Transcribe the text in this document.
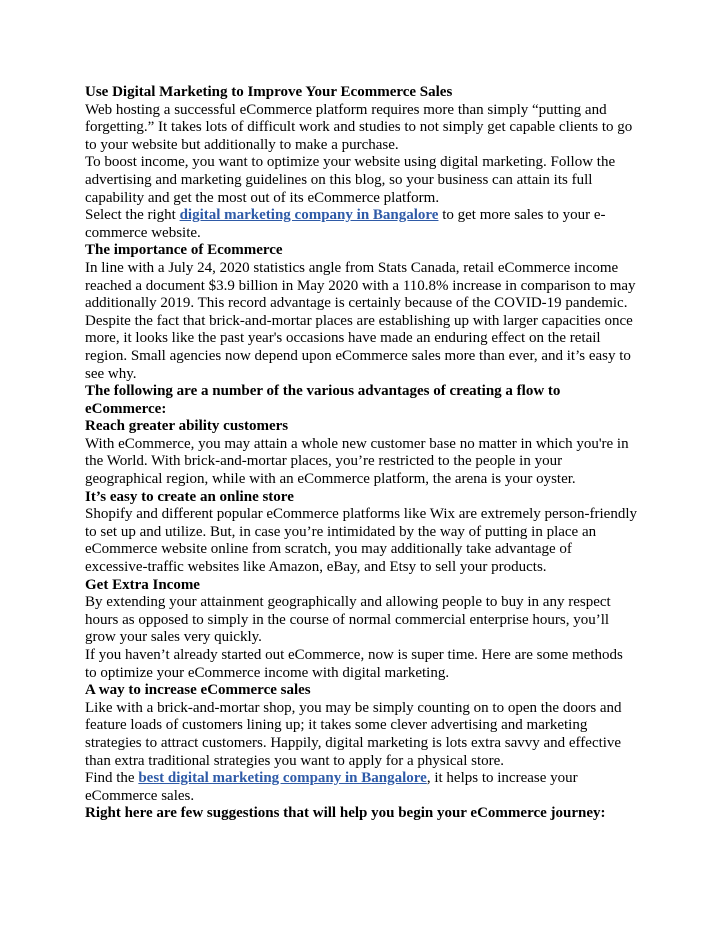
Use Digital Marketing to Improve Your Ecommerce Sales

Web hosting a successful eCommerce platform requires more than simply “putting and forgetting.” It takes lots of difficult work and studies to not simply get capable clients to go to your website but additionally to make a purchase.

To boost income, you want to optimize your website using digital marketing. Follow the advertising and marketing guidelines on this blog, so your business can attain its full capability and get the most out of its eCommerce platform.

Select the right digital marketing company in Bangalore to get more sales to your e-commerce website.

The importance of Ecommerce

In line with a July 24, 2020 statistics angle from Stats Canada, retail eCommerce income reached a document $3.9 billion in May 2020 with a 110.8% increase in comparison to may additionally 2019. This record advantage is certainly because of the COVID-19 pandemic.

Despite the fact that brick-and-mortar places are establishing up with larger capacities once more, it looks like the past year's occasions have made an enduring effect on the retail region. Small agencies now depend upon eCommerce sales more than ever, and it’s easy to see why.

The following are a number of the various advantages of creating a flow to eCommerce:

Reach greater ability customers

With eCommerce, you may attain a whole new customer base no matter in which you're in the World. With brick-and-mortar places, you’re restricted to the people in your geographical region, while with an eCommerce platform, the arena is your oyster.

It’s easy to create an online store

Shopify and different popular eCommerce platforms like Wix are extremely person-friendly to set up and utilize. But, in case you’re intimidated by the way of putting in place an eCommerce website online from scratch, you may additionally take advantage of excessive-traffic websites like Amazon, eBay, and Etsy to sell your products.

Get Extra Income

By extending your attainment geographically and allowing people to buy in any respect hours as opposed to simply in the course of normal commercial enterprise hours, you’ll grow your sales very quickly.

If you haven’t already started out eCommerce, now is super time. Here are some methods to optimize your eCommerce income with digital marketing.

A way to increase eCommerce sales

Like with a brick-and-mortar shop, you may be simply counting on to open the doors and feature loads of customers lining up; it takes some clever advertising and marketing strategies to attract customers. Happily, digital marketing is lots extra savvy and effective than extra traditional strategies you want to apply for a physical store.

Find the best digital marketing company in Bangalore, it helps to increase your eCommerce sales.

Right here are few suggestions that will help you begin your eCommerce journey:
